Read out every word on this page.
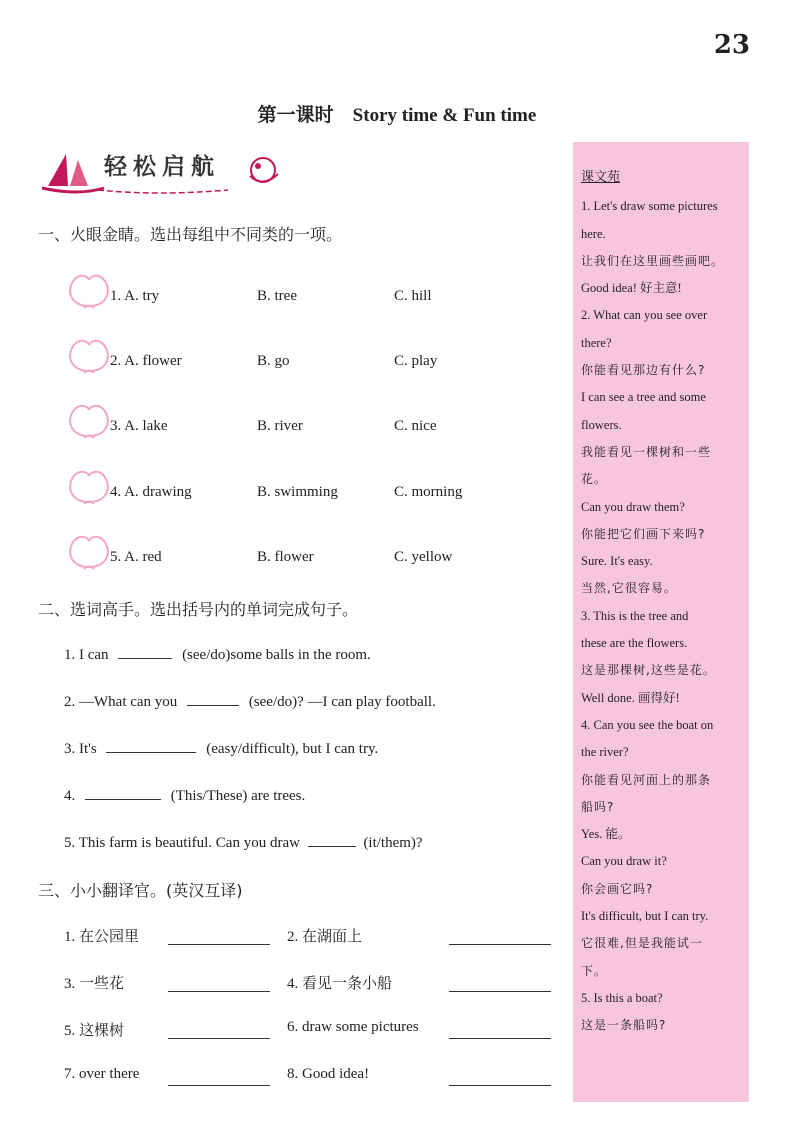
23
第一课时　Story time & Fun time
轻松启航
一、火眼金睛。选出每组中不同类的一项。
1. A. try	B. tree	C. hill
2. A. flower	B. go	C. play
3. A. lake	B. river	C. nice
4. A. drawing	B. swimming	C. morning
5. A. red	B. flower	C. yellow
二、选词高手。选出括号内的单词完成句子。
1. I can	(see/do)some balls in the room.
2. —What can you	(see/do)? —I can play football.
3. It's	(easy/difficult), but I can try.
4.	(This/These) are trees.
5. This farm is beautiful. Can you draw	(it/them)?
三、小小翻译官。(英汉互译)
1. 在公园里	2. 在湖面上
3. 一些花	4. 看见一条小船
5. 这棵树	6. draw some pictures
7. over there	8. Good idea!
课文苑
1. Let's draw some pictures
here.
让我们在这里画些画吧。
Good idea! 好主意!
2. What can you see over
there?
你能看见那边有什么?
I can see a tree and some
flowers.
我能看见一棵树和一些
花。
Can you draw them?
你能把它们画下来吗?
Sure. It's easy.
当然,它很容易。
3. This is the tree and
these are the flowers.
这是那棵树,这些是花。
Well done. 画得好!
4. Can you see the boat on
the river?
你能看见河面上的那条
船吗?
Yes. 能。
Can you draw it?
你会画它吗?
It's difficult, but I can try.
它很难,但是我能试一
下。
5. Is this a boat?
这是一条船吗?
